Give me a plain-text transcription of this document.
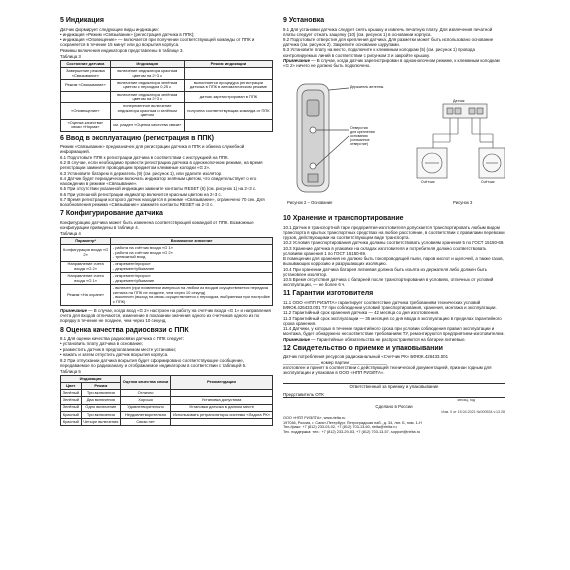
5 Индикация

Датчик формирует следующие виды индикации:

• индикация «Режим «Связывание» (регистрация датчика в ППК);

• индикация «Оповещение» — включается при получении соответствующей команды от ППК и сохраняется в течение 15 минут или до вскрытия корпуса.

Режимы включения индикаторов представлены в таблице 3.

Таблица 3

Состояние датчика	Индикация	Режим индикации
Завершение режима «Связывание»	включение индикатора красным цветом на 2÷3 с	
Режим «Связывание»	включение индикатора зелёным цветом с периодом 0,25 с	выполняется процедура регистрации датчика в ППК в автоматическом режиме
	включение индикатора зелёным цветом на 2÷3 с	датчик зарегистрирован в ППК
«Оповещение»	попеременное включение индикатора красным и зелёным цветом	получена соответствующая команда от ППК
«Оценка качества» связи «Норма»	см. раздел «Оценка качества связи»	
6 Ввод в эксплуатацию (регистрация в ППК)

Режим «Связывание» предназначен для регистрации датчика в ППК и обмена служебной информацией.

6.1 Подготовьте ППК к регистрации датчика в соответствии с инструкцией на ППК.

6.2 В случае, если необходимо провести регистрацию датчика в однокнопочном режиме, на время регистрации замкните проводящим предметом клеммные колодки «G 2».

6.3 Установите батарею в держатель (9) (см. рисунок 1), или удалите изолятор.

6.4 Датчик будет периодически включать индикатор зелёным цветом, что свидетельствует о его нахождении в режиме «Связывание».

6.5 При отсутствии указанной индикации замкните контакты RESET (6) (см. рисунок 1) на 2÷3 с.

6.6 При успешной регистрации индикатор включится красным цветом на 2÷3 с.

6.7 Время регистрации которого датчик находится в режиме «Связывание», ограничено 70 сек. Для возобновления режима «Связывание» замкните контакты RESET на 2÷3 с.

7 Конфигурирование датчика

Конфигурацию датчика может быть изменена соответствующей командой от ППК. Возможные конфигурации приведены в таблице 4.

Таблица 4

Параметр*	Возможное значение
Конфигурация входа «G 2»	- работа на счётчик входа «G 1»
- работа на счётчик входа «G 2»
- тревожный вход
Направление счета входа «G 2»	- инкремент/прирост
- декремент/убывание
Направление счета входа «G 1»	- инкремент/прирост
- декремент/убывание
Режим «На охране»	- включен (при появлении импульса на любом из входов осуществляется передача сигнала на ППК не позднее, чем через 10 секунд)
- выключен (выход на связь осуществляется с периодом, выбранным при настройке с ППК)

Примечание — В случае, когда вход «G 2» настроен на работу на счетчик входа «G 1» и направления счета для входов отличаются, изменение в показании значения одного из счетчиков одного из по порядку в течение не позднее, чем через 10 секунд.

8 Оценка качества радиосвязи с ППК

8.1 Для оценки качества радиосвязи датчика с ППК следует:

• установить плату датчика в основание;

• разместить датчик в предполагаемом месте установки;

• нажать и затем отпустить датчик вскрытия корпуса.

8.2 При отпускании датчика вскрытия будет сформировано соответствующее сообщение, передаваемое по радиоканалу и отображаемое индикатором в соответствии с таблицей 5.

Таблица 5

Индикация		Оценка качества связи	Рекомендации
Цвет	Режим		
Зелёный	Три включения	Отлично	
Зелёный	Два включения	Хорошо	Установка допустима
Зелёный	Одно включение	Удовлетворительно	Установка датчика в данном месте
Красный	Три включения	Неудовлетворительно	Использовать ретрансляторы системы «Ладога РК»
Красный	Четыре включения	Связи нет	
9 Установка

9.1 Для установки датчика следует снять крышку и извлечь печатную плату. Для извлечения печатной платы следует отжать защелку (10) (см. рисунок 1) в основании корпуса.

9.2 Подготовьте отверстия для крепления датчика. Для разметки может быть использовано основание датчика (см. рисунок 2). Закрепите основание шурупами.

9.3 Установите плату на место, подключите к клеммным колодкам (5) (см. рисунок 1) провода контролируемых линий в соответствии с рисунком 3 и закройте крышку.

Примечание — В случае, когда датчик зарегистрирован в однокнопочном режиме, к клеммным колодкам «G 2» ничего не должно быть подключено.

Держатель антенны
Отверстия
для крепления
основания
(сломанное
отверстие)
Датчик
Счётчик	Счётчик
Рисунок 2 – Основание	Рисунок 3
10 Хранение и транспортирование

10.1 Датчик в транспортной таре предприятия-изготовителя допускается транспортировать любым видом транспорта в крытых транспортных средствах на любое расстояние, в соответствии с правилами перевозки грузов, действующими на соответствующем виде транспорта.

10.2 Условия транспортирования датчика должны соответствовать условиям хранения 5 по ГОСТ 15150-69.

10.3 Хранение датчика в упаковке на складах изготовителя и потребителя должно соответствовать условиям хранения 1 по ГОСТ 15150-69.

В помещении для хранения не должно быть токопроводящей пыли, паров кислот и щелочей, а также газов, вызывающих коррозию и разрушающих изоляцию.

10.4 При хранении датчика батарея литиевая должна быть изъята из держателя либо должен быть установлен изолятор.

10.5 Время отсутствия датчика с батареей после транспортирования в условиях, отличных от условий эксплуатации, — не более 6 ч.

11 Гарантии изготовителя

11.1 ООО «НПП РИЭЛТА» гарантирует соответствие датчика требованиям технических условий БФЮК.426433.001 ТУ при соблюдении условий транспортирования, хранения, монтажа и эксплуатации.

11.2 Гарантийный срок хранения датчика — 42 месяца со дня изготовления.

11.3 Гарантийный срок эксплуатации — 36 месяцев со дня ввода в эксплуатацию в пределах гарантийного срока хранения.

11.4 Датчики, у которых в течение гарантийного срока при условии соблюдения правил эксплуатации и монтажа, будет обнаружено несоответствие требованиям ТУ, ремонтируются предприятием-изготовителем.

Примечание — Гарантийные обязательства не распространяются на батареи литиевые.

12 Свидетельство о приемке и упаковывании

Датчик потребления ресурсов радиоканальный «Счетчик РК» БФЮК.426433.001

_______________ номер партии _______________

изготовлен и принят в соответствии с действующей технической документацией, признан годным для эксплуатации и упакован в ООО «НПП РИЭЛТА».

Ответственный за приемку и упаковывание

Представитель ОТК

месяц, год

Сделано в России

Изм. 0 от 15.04.2021 №000534 v.13.28

ООО «НПП РИЭЛТА», www.rielta.ru

197046, Россия, г. Санкт-Петербург, Петроградская наб., д. 34, лит. Б, пом. 1-Н

Тел./факс: +7 (812) 233-03-02, +7 (812) 703-13-60, rielta@rielta.ru

Тех. поддержка: тел.: +7 (812) 233-29-53, +7 (812) 703-13-57, support@rielta.ru
